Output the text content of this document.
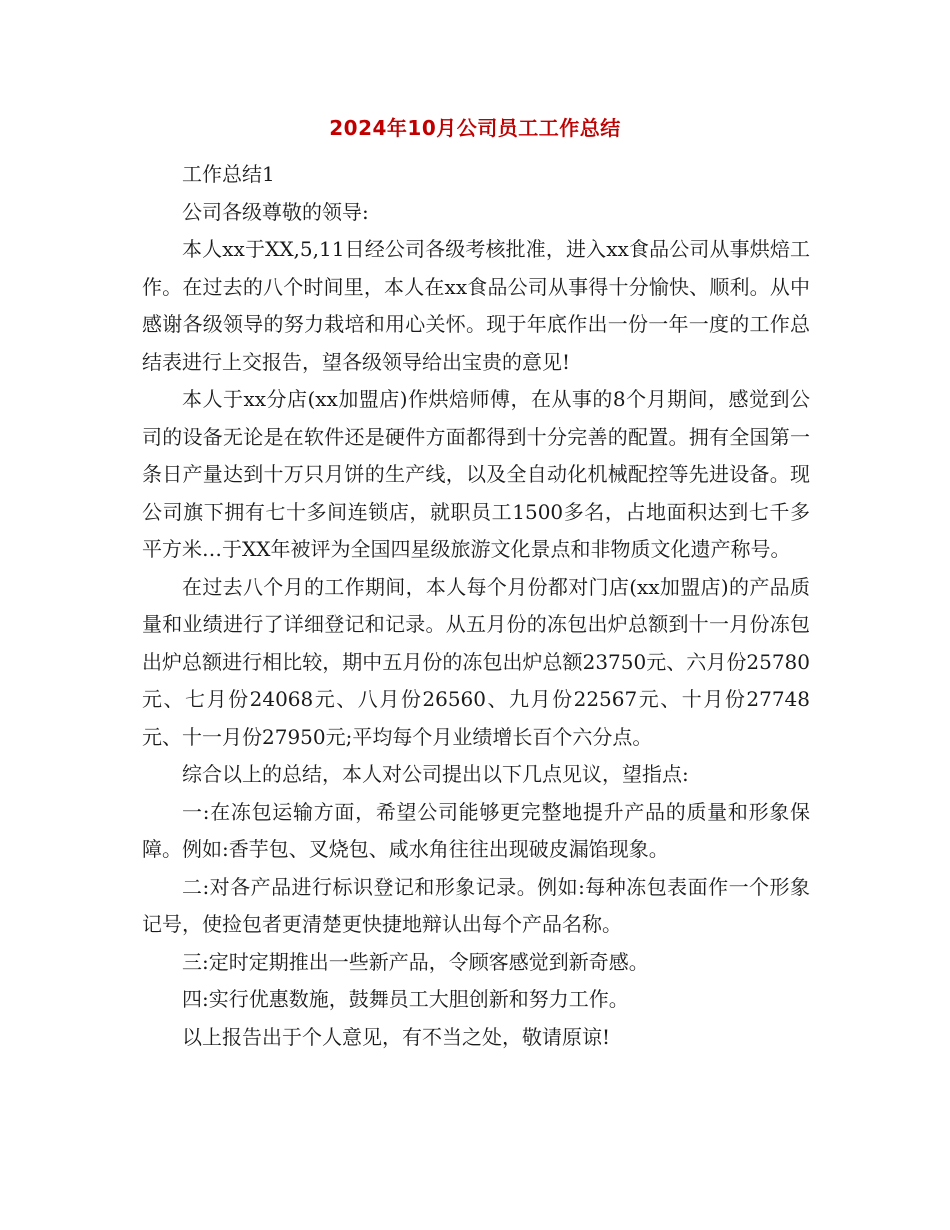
2024年10月公司员工工作总结

工作总结1

公司各级尊敬的领导:

本人xx于XX,5,11日经公司各级考核批准，进入xx食品公司从事烘焙工作。在过去的八个时间里，本人在xx食品公司从事得十分愉快、顺利。从中感谢各级领导的努力栽培和用心关怀。现于年底作出一份一年一度的工作总结表进行上交报告，望各级领导给出宝贵的意见!

本人于xx分店(xx加盟店)作烘焙师傅，在从事的8个月期间，感觉到公司的设备无论是在软件还是硬件方面都得到十分完善的配置。拥有全国第一条日产量达到十万只月饼的生产线，以及全自动化机械配控等先进设备。现公司旗下拥有七十多间连锁店，就职员工1500多名，占地面积达到七千多平方米…于XX年被评为全国四星级旅游文化景点和非物质文化遗产称号。

在过去八个月的工作期间，本人每个月份都对门店(xx加盟店)的产品质量和业绩进行了详细登记和记录。从五月份的冻包出炉总额到十一月份冻包出炉总额进行相比较，期中五月份的冻包出炉总额23750元、六月份25780元、七月份24068元、八月份26560、九月份22567元、十月份27748元、十一月份27950元;平均每个月业绩增长百个六分点。

综合以上的总结，本人对公司提出以下几点见议，望指点:

一:在冻包运输方面，希望公司能够更完整地提升产品的质量和形象保障。例如:香芋包、叉烧包、咸水角往往出现破皮漏馅现象。

二:对各产品进行标识登记和形象记录。例如:每种冻包表面作一个形象记号，使捡包者更清楚更快捷地辩认出每个产品名称。

三:定时定期推出一些新产品，令顾客感觉到新奇感。

四:实行优惠数施，鼓舞员工大胆创新和努力工作。

以上报告出于个人意见，有不当之处，敬请原谅!
